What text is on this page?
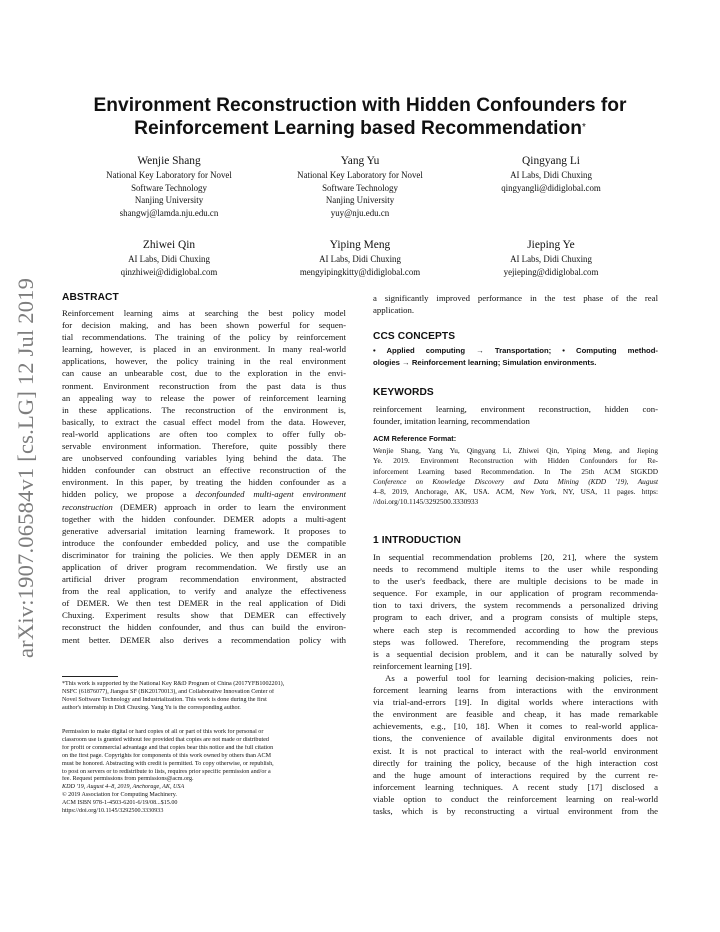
arXiv:1907.06584v1 [cs.LG] 12 Jul 2019
Environment Reconstruction with Hidden Confounders for
Reinforcement Learning based Recommendation*
Wenjie Shang
National Key Laboratory for Novel
Software Technology
Nanjing University
shangwj@lamda.nju.edu.cn
Yang Yu
National Key Laboratory for Novel
Software Technology
Nanjing University
yuy@nju.edu.cn
Qingyang Li
AI Labs, Didi Chuxing
qingyangli@didiglobal.com
Zhiwei Qin
AI Labs, Didi Chuxing
qinzhiwei@didiglobal.com
Yiping Meng
AI Labs, Didi Chuxing
mengyipingkitty@didiglobal.com
Jieping Ye
AI Labs, Didi Chuxing
yejieping@didiglobal.com
ABSTRACT
Reinforcement learning aims at searching the best policy model
for decision making, and has been shown powerful for sequen-
tial recommendations. The training of the policy by reinforcement
learning, however, is placed in an environment. In many real-world
applications, however, the policy training in the real environment
can cause an unbearable cost, due to the exploration in the envi-
ronment. Environment reconstruction from the past data is thus
an appealing way to release the power of reinforcement learning
in these applications. The reconstruction of the environment is,
basically, to extract the casual effect model from the data. However,
real-world applications are often too complex to offer fully ob-
servable environment information. Therefore, quite possibly there
are unobserved confounding variables lying behind the data. The
hidden confounder can obstruct an effective reconstruction of the
environment. In this paper, by treating the hidden confounder as a
hidden policy, we propose a deconfounded multi-agent environment
reconstruction (DEMER) approach in order to learn the environment
together with the hidden confounder. DEMER adopts a multi-agent
generative adversarial imitation learning framework. It proposes to
introduce the confounder embedded policy, and use the compatible
discriminator for training the policies. We then apply DEMER in an
application of driver program recommendation. We firstly use an
artificial driver program recommendation environment, abstracted
from the real application, to verify and analyze the effectiveness
of DEMER. We then test DEMER in the real application of Didi
Chuxing. Experiment results show that DEMER can effectively
reconstruct the hidden confounder, and thus can build the environ-
ment better. DEMER also derives a recommendation policy with
*This work is supported by the National Key R&D Program of China (2017YFB1002201),
NSFC (61876077), Jiangsu SF (BK20170013), and Collaborative Innovation Center of
Novel Software Technology and Industrialization. This work is done during the first
author's internship in Didi Chuxing. Yang Yu is the corresponding author.
Permission to make digital or hard copies of all or part of this work for personal or
classroom use is granted without fee provided that copies are not made or distributed
for profit or commercial advantage and that copies bear this notice and the full citation
on the first page. Copyrights for components of this work owned by others than ACM
must be honored. Abstracting with credit is permitted. To copy otherwise, or republish,
to post on servers or to redistribute to lists, requires prior specific permission and/or a
fee. Request permissions from permissions@acm.org.
KDD '19, August 4–8, 2019, Anchorage, AK, USA
© 2019 Association for Computing Machinery.
ACM ISBN 978-1-4503-6201-6/19/08...$15.00
https://doi.org/10.1145/3292500.3330933
a significantly improved performance in the test phase of the real
application.
CCS CONCEPTS
• Applied computing → Transportation; • Computing method-
ologies → Reinforcement learning; Simulation environments.
KEYWORDS
reinforcement learning, environment reconstruction, hidden con-
founder, imitation learning, recommendation
ACM Reference Format:
Wenjie Shang, Yang Yu, Qingyang Li, Zhiwei Qin, Yiping Meng, and Jieping
Ye. 2019. Environment Reconstruction with Hidden Confounders for Re-
inforcement Learning based Recommendation. In The 25th ACM SIGKDD
Conference on Knowledge Discovery and Data Mining (KDD '19), August
4–8, 2019, Anchorage, AK, USA. ACM, New York, NY, USA, 11 pages. https:
//doi.org/10.1145/3292500.3330933
1 INTRODUCTION
In sequential recommendation problems [20, 21], where the system
needs to recommend multiple items to the user while responding
to the user's feedback, there are multiple decisions to be made in
sequence. For example, in our application of program recommenda-
tion to taxi drivers, the system recommends a personalized driving
program to each driver, and a program consists of multiple steps,
where each step is recommended according to how the previous
steps was followed. Therefore, recommending the program steps
is a sequential decision problem, and it can be naturally solved by
reinforcement learning [19].
As a powerful tool for learning decision-making policies, rein-
forcement learning learns from interactions with the environment
via trial-and-errors [19]. In digital worlds where interactions with
the environment are feasible and cheap, it has made remarkable
achievements, e.g., [10, 18]. When it comes to real-world applica-
tions, the convenience of available digital environments does not
exist. It is not practical to interact with the real-world environment
directly for training the policy, because of the high interaction cost
and the huge amount of interactions required by the current re-
inforcement learning techniques. A recent study [17] disclosed a
viable option to conduct the reinforcement learning on real-world
tasks, which is by reconstructing a virtual environment from the
